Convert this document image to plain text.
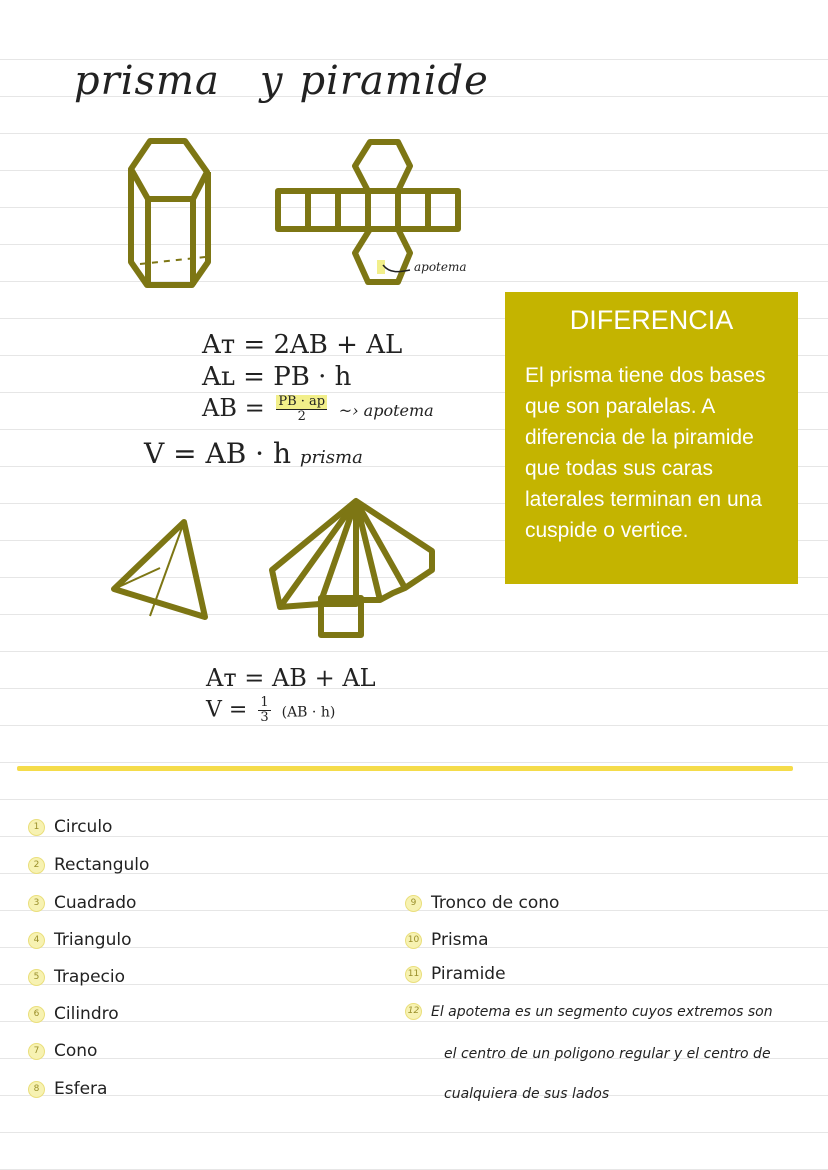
prisma y piramide
apotema
Aᴛ = 2AB + AL
Aʟ = PB · h
AB = $\frac{PB \cdot ap}{2}$ ~› apotema
V = AB · h prisma
DIFERENCIA
El prisma tiene dos bases que son paralelas. A diferencia de la piramide que todas sus caras laterales terminan en una cuspide o vertice.
Aᴛ = AB + AL
$V = \frac{1}{3} (AB \cdot h)$
1 Circulo
2 Rectangulo
3 Cuadrado
4 Triangulo
5 Trapecio
6 Cilindro
7 Cono
8 Esfera
9 Tronco de cono
10 Prisma
11 Piramide
12 El apotema es un segmento cuyos extremos son
el centro de un poligono regular y el centro de
cualquiera de sus lados
